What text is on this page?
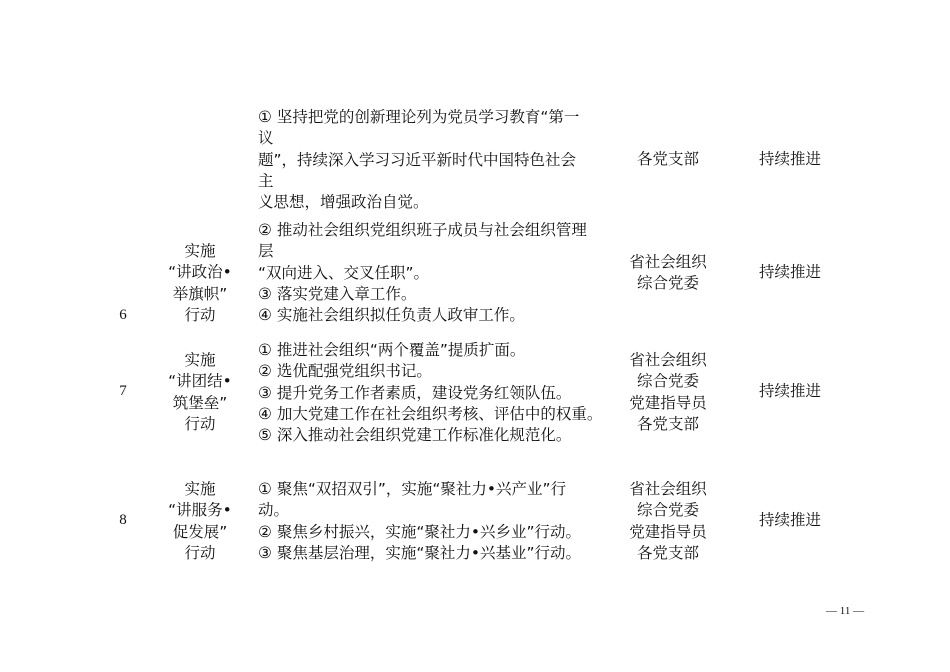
① 坚持把党的创新理论列为党员学习教育“第一
议
题”，持续深入学习习近平新时代中国特色社会
主
义思想，增强政治自觉。
各党支部	持续推进
6
实施
“讲政治•
举旗帜”
行动
② 推动社会组织党组织班子成员与社会组织管理
层
“双向进入、交叉任职”。
③ 落实党建入章工作。
④ 实施社会组织拟任负责人政审工作。
省社会组织
综合党委
持续推进
7
实施
“讲团结•
筑堡垒”
行动
① 推进社会组织“两个覆盖”提质扩面。
② 选优配强党组织书记。
③ 提升党务工作者素质，建设党务红领队伍。
④ 加大党建工作在社会组织考核、评估中的权重。
⑤ 深入推动社会组织党建工作标准化规范化。
省社会组织
综合党委
党建指导员
各党支部
持续推进
8
实施
“讲服务•
促发展”
行动
① 聚焦“双招双引”，实施“聚社力•兴产业”行
动。
② 聚焦乡村振兴，实施“聚社力•兴乡业”行动。
③ 聚焦基层治理，实施“聚社力•兴基业”行动。
省社会组织
综合党委
党建指导员
各党支部
持续推进
— 11 —
